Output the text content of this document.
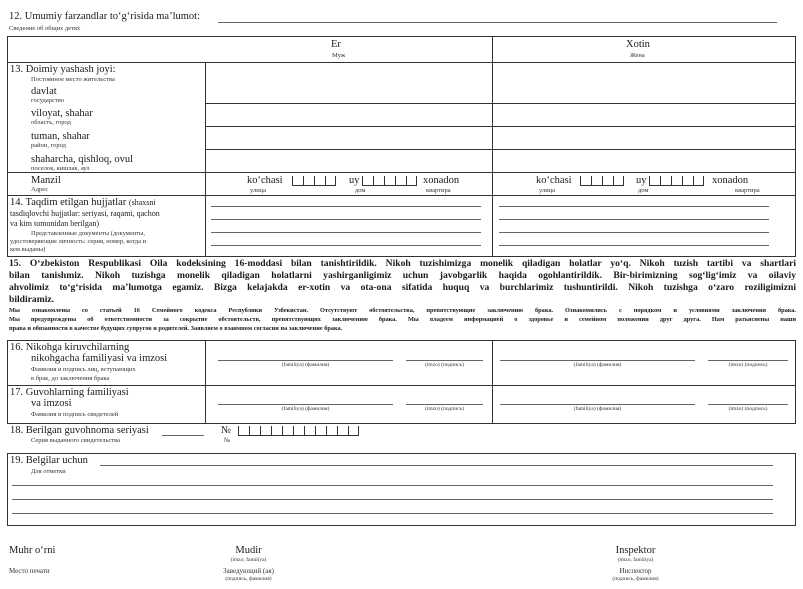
12. Umumiy farzandlar to‘g‘risida ma’lumot:
Сведение об общих детях
Er
Муж
Xotin
Жена
13. Doimiy yashash joyi:
Постоянное место жительства
davlat
государство
viloyat, shahar
область, город
tuman, shahar
район, город
shaharcha, qishloq, ovul
поселок, кишлак, аул
Manzil
Адрес
ko‘chasi	uy	xonadon
улица	дом	квартира
ko‘chasi	uy	xonadon
улица	дом	квартира
14. Taqdim etilgan hujjatlar (shaxsni
tasdiqlovchi hujjatlar: seriyasi, raqami, qachon
va kim tomonidan berilgan)
Представленные документы (документы,
удостоверяющие личность: серия, номер, когда и
кем выданы)
15. O‘zbekiston Respublikasi Oila kodeksining 16-moddasi bilan tanishtirildik. Nikoh tuzishimizga monelik qiladigan holatlar yo‘q. Nikoh tuzish tartibi va shartlari
bilan tanishmiz. Nikoh tuzishga monelik qiladigan holatlarni yashirganligimiz uchun javobgarlik haqida ogohlantirildik. Bir-birimizning sog‘lig‘imiz va oilaviy
ahvolimiz to‘g‘risida ma’lumotga egamiz. Bizga kelajakda er-xotin va ota-ona sifatida huquq va burchlarimiz tushuntirildi. Nikoh tuzishga o‘zaro roziligimizni
bildiramiz.
Мы ознакомлены со статьей 16 Семейного кодекса Республики Узбекистан. Отсутствуют обстоятельства, препятствующие заключению брака. Ознакомились с порядком и условиями заключения брака.
Мы предупреждены об ответственности за сокрытие обстоятельств, препятствующих заключению брака. Мы владеем информацией о здоровье и семейном положении друг друга. Нам разъяснены наши
права и обязанности в качестве будущих супругов и родителей. Заявляем о взаимном согласии на заключение брака.
16. Nikohga kiruvchilarning
nikohgacha familiyasi va imzosi
Фамилия и подпись лиц, вступающих
в брак, до заключения брака
(familiya) (фамилия)	(imzo) (подпись)	(familiya) (фамилия)	(imzo) (подпись)
17. Guvohlarning familiyasi
va imzosi
Фамилия и подпись свидетелей
(familiya) (фамилия)	(imzo) (подпись)	(familiya) (фамилия)	(imzo) (подпись)
18. Berilgan guvohnoma seriyasi
Серия выданного свидетельства
№
№
19. Belgilar uchun
Для отметки
Muhr o‘rni
Место печати
Mudir
(imzo, familiya)
Заведующий (ая)
(подпись, фамилия)
Inspektor
(imzo, familiya)
Инспектор
(подпись, фамилия)
